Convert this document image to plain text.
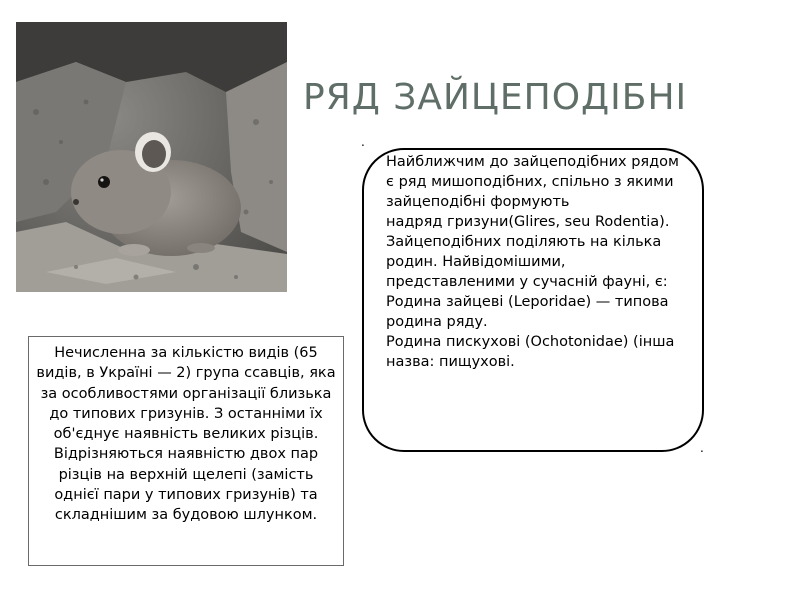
РЯД ЗАЙЦЕПОДІБНІ
.
.

Найближчим до зайцеподібних рядом є ряд мишоподібних, спільно з якими зайцеподібні формують

надряд гризуни(Glires, seu Rodentia).

Зайцеподібних поділяють на кілька родин. Найвідомішими, представленими у сучасній фауні, є:

Родина зайцеві (Leporidae) — типова родина ряду.

Родина пискухові (Ochotonidae) (інша назва: пищухові.

Нечисленна за кількістю видів (65 видів, в Україні — 2) група ссавців, яка за особливостями організації близька до типових гризунів. З останніми їх об'єднує наявність великих різців. Відрізняються наявністю двох пар різців на верхній щелепі (замість однієї пари у типових гризунів) та складнішим за будовою шлунком.
